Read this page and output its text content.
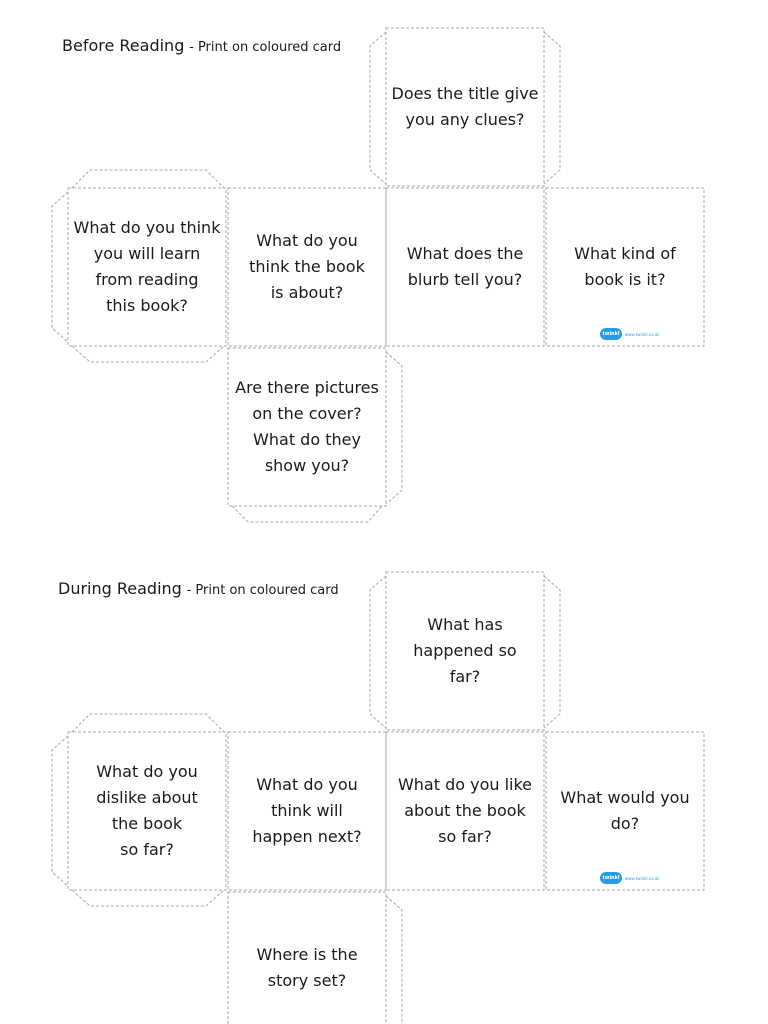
Before Reading - Print on coloured card
Does the title give
you any clues?
What do you think
you will learn
from reading
this book?
What do you
think the book
is about?
What does the
blurb tell you?
What kind of
book is it?
Are there pictures
on the cover?
What do they
show you?
twinkl	www.twinkl.co.uk
During Reading - Print on coloured card
What has
happened so
far?
What do you
dislike about
the book
so far?
What do you
think will
happen next?
What do you like
about the book
so far?
What would you
do?
Where is the
story set?
twinkl	www.twinkl.co.uk
